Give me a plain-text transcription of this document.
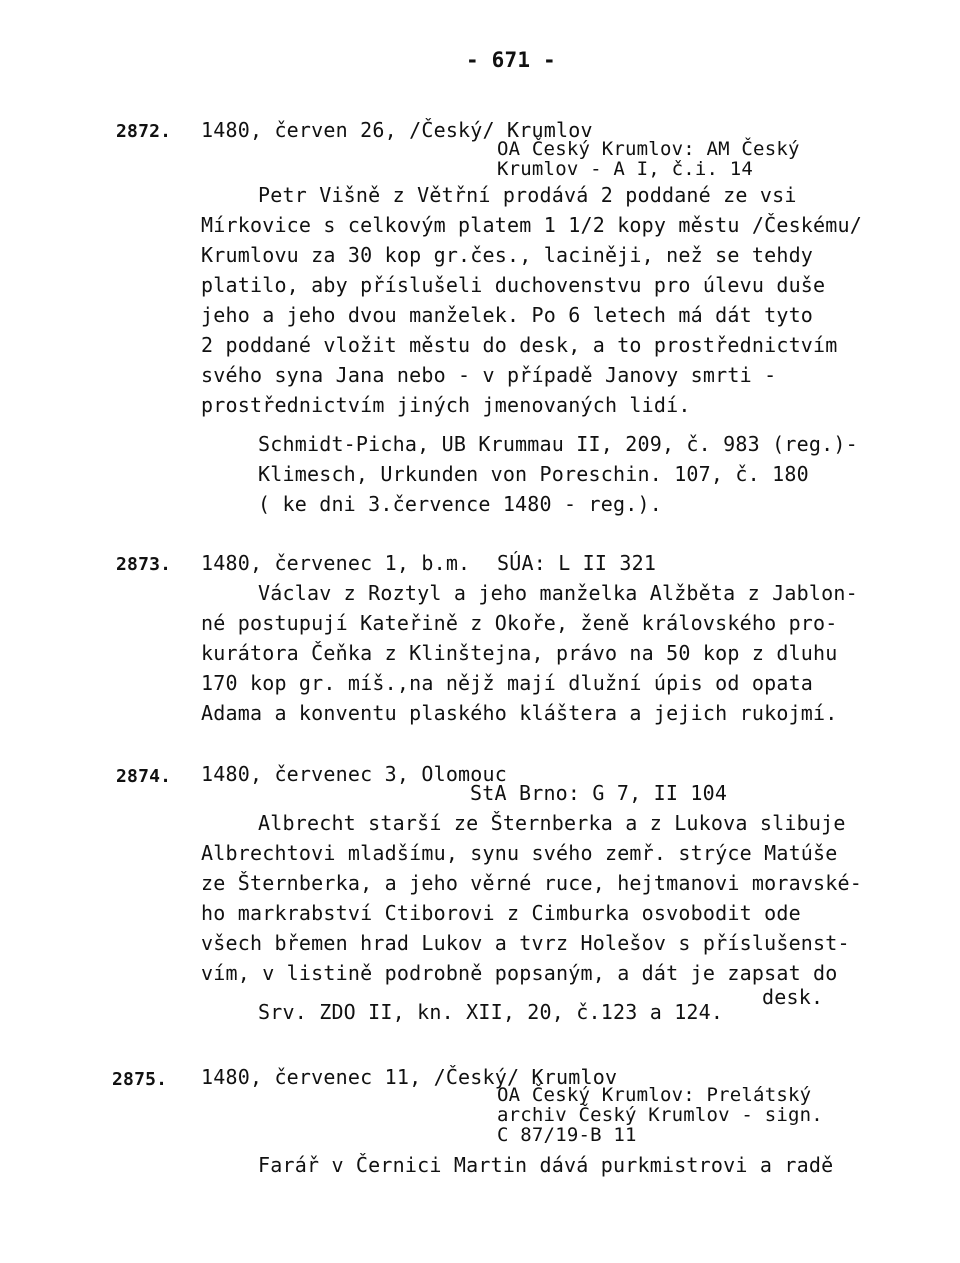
- 671 -
2872. 1480, červen 26, /Český/ Krumlov
OA Český Krumlov: AM Český
Krumlov - A I, č.i. 14
Petr Višně z Větřní prodává 2 poddané ze vsi
Mírkovice s celkovým platem 1 1/2 kopy městu /Českému/
Krumlovu za 30 kop gr.čes., laciněji, než se tehdy
platilo, aby příslušeli duchovenstvu pro úlevu duše
jeho a jeho dvou manželek. Po 6 letech má dát tyto
2 poddané vložit městu do desk, a to prostřednictvím
svého syna Jana nebo - v případě Janovy smrti -
prostřednictvím jiných jmenovaných lidí.
Schmidt-Picha, UB Krummau II, 209, č. 983 (reg.)-
Klimesch, Urkunden von Poreschin. 107, č. 180
( ke dni 3.července 1480 - reg.).
2873. 1480, červenec 1, b.m. SÚA: L II 321
Václav z Roztyl a jeho manželka Alžběta z Jablon-
né postupují Kateřině z Okoře, ženě královského pro-
kurátora Čeňka z Klinštejna, právo na 50 kop z dluhu
170 kop gr. míš.,na nějž mají dlužní úpis od opata
Adama a konventu plaského kláštera a jejich rukojmí.
2874. 1480, červenec 3, Olomouc
StA Brno: G 7, II 104
Albrecht starší ze Šternberka a z Lukova slibuje
Albrechtovi mladšímu, synu svého zemř. strýce Matúše
ze Šternberka, a jeho věrné ruce, hejtmanovi moravské-
ho markrabství Ctiborovi z Cimburka osvobodit ode
všech břemen hrad Lukov a tvrz Holešov s příslušenst-
vím, v listině podrobně popsaným, a dát je zapsat do
desk.
Srv. ZDO II, kn. XII, 20, č.123 a 124.
2875. 1480, červenec 11, /Český/ Krumlov
OA Český Krumlov: Prelátský
archiv Český Krumlov - sign.
C 87/19-B 11
Farář v Černici Martin dává purkmistrovi a radě
